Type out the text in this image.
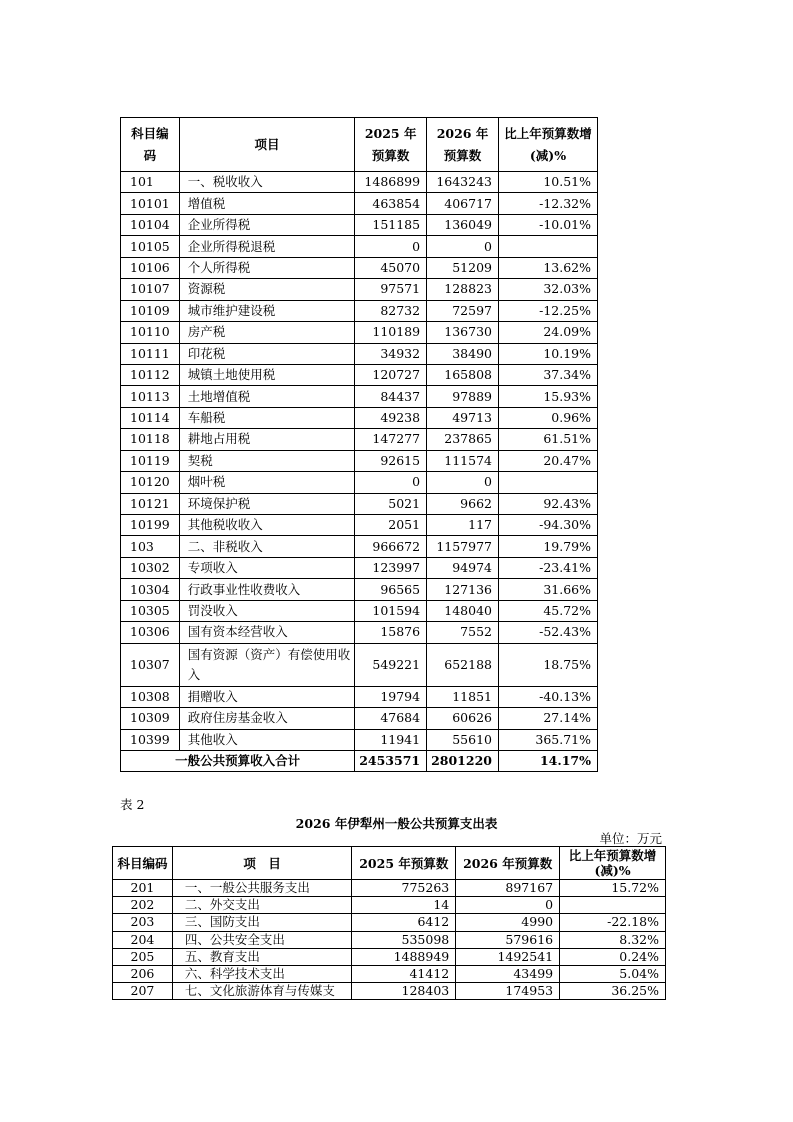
科目编码	项目	2025 年预算数	2026 年预算数	比上年预算数增(减)%
101	一、税收收入	1486899	1643243	10.51%
10101	增值税	463854	406717	-12.32%
10104	企业所得税	151185	136049	-10.01%
10105	企业所得税退税	0	0	
10106	个人所得税	45070	51209	13.62%
10107	资源税	97571	128823	32.03%
10109	城市维护建设税	82732	72597	-12.25%
10110	房产税	110189	136730	24.09%
10111	印花税	34932	38490	10.19%
10112	城镇土地使用税	120727	165808	37.34%
10113	土地增值税	84437	97889	15.93%
10114	车船税	49238	49713	0.96%
10118	耕地占用税	147277	237865	61.51%
10119	契税	92615	111574	20.47%
10120	烟叶税	0	0	
10121	环境保护税	5021	9662	92.43%
10199	其他税收收入	2051	117	-94.30%
103	二、非税收入	966672	1157977	19.79%
10302	专项收入	123997	94974	-23.41%
10304	行政事业性收费收入	96565	127136	31.66%
10305	罚没收入	101594	148040	45.72%
10306	国有资本经营收入	15876	7552	-52.43%
10307	国有资源（资产）有偿使用收入	549221	652188	18.75%
10308	捐赠收入	19794	11851	-40.13%
10309	政府住房基金收入	47684	60626	27.14%
10399	其他收入	11941	55610	365.71%
一般公共预算收入合计		2453571	2801220	14.17%
表 2
2026 年伊犁州一般公共预算支出表
单位：万元
科目编码	项　目	2025 年预算数	2026 年预算数	比上年预算数增(减)%
201	一、一般公共服务支出	775263	897167	15.72%
202	二、外交支出	14	0	
203	三、国防支出	6412	4990	-22.18%
204	四、公共安全支出	535098	579616	8.32%
205	五、教育支出	1488949	1492541	0.24%
206	六、科学技术支出	41412	43499	5.04%
207	七、文化旅游体育与传媒支	128403	174953	36.25%
